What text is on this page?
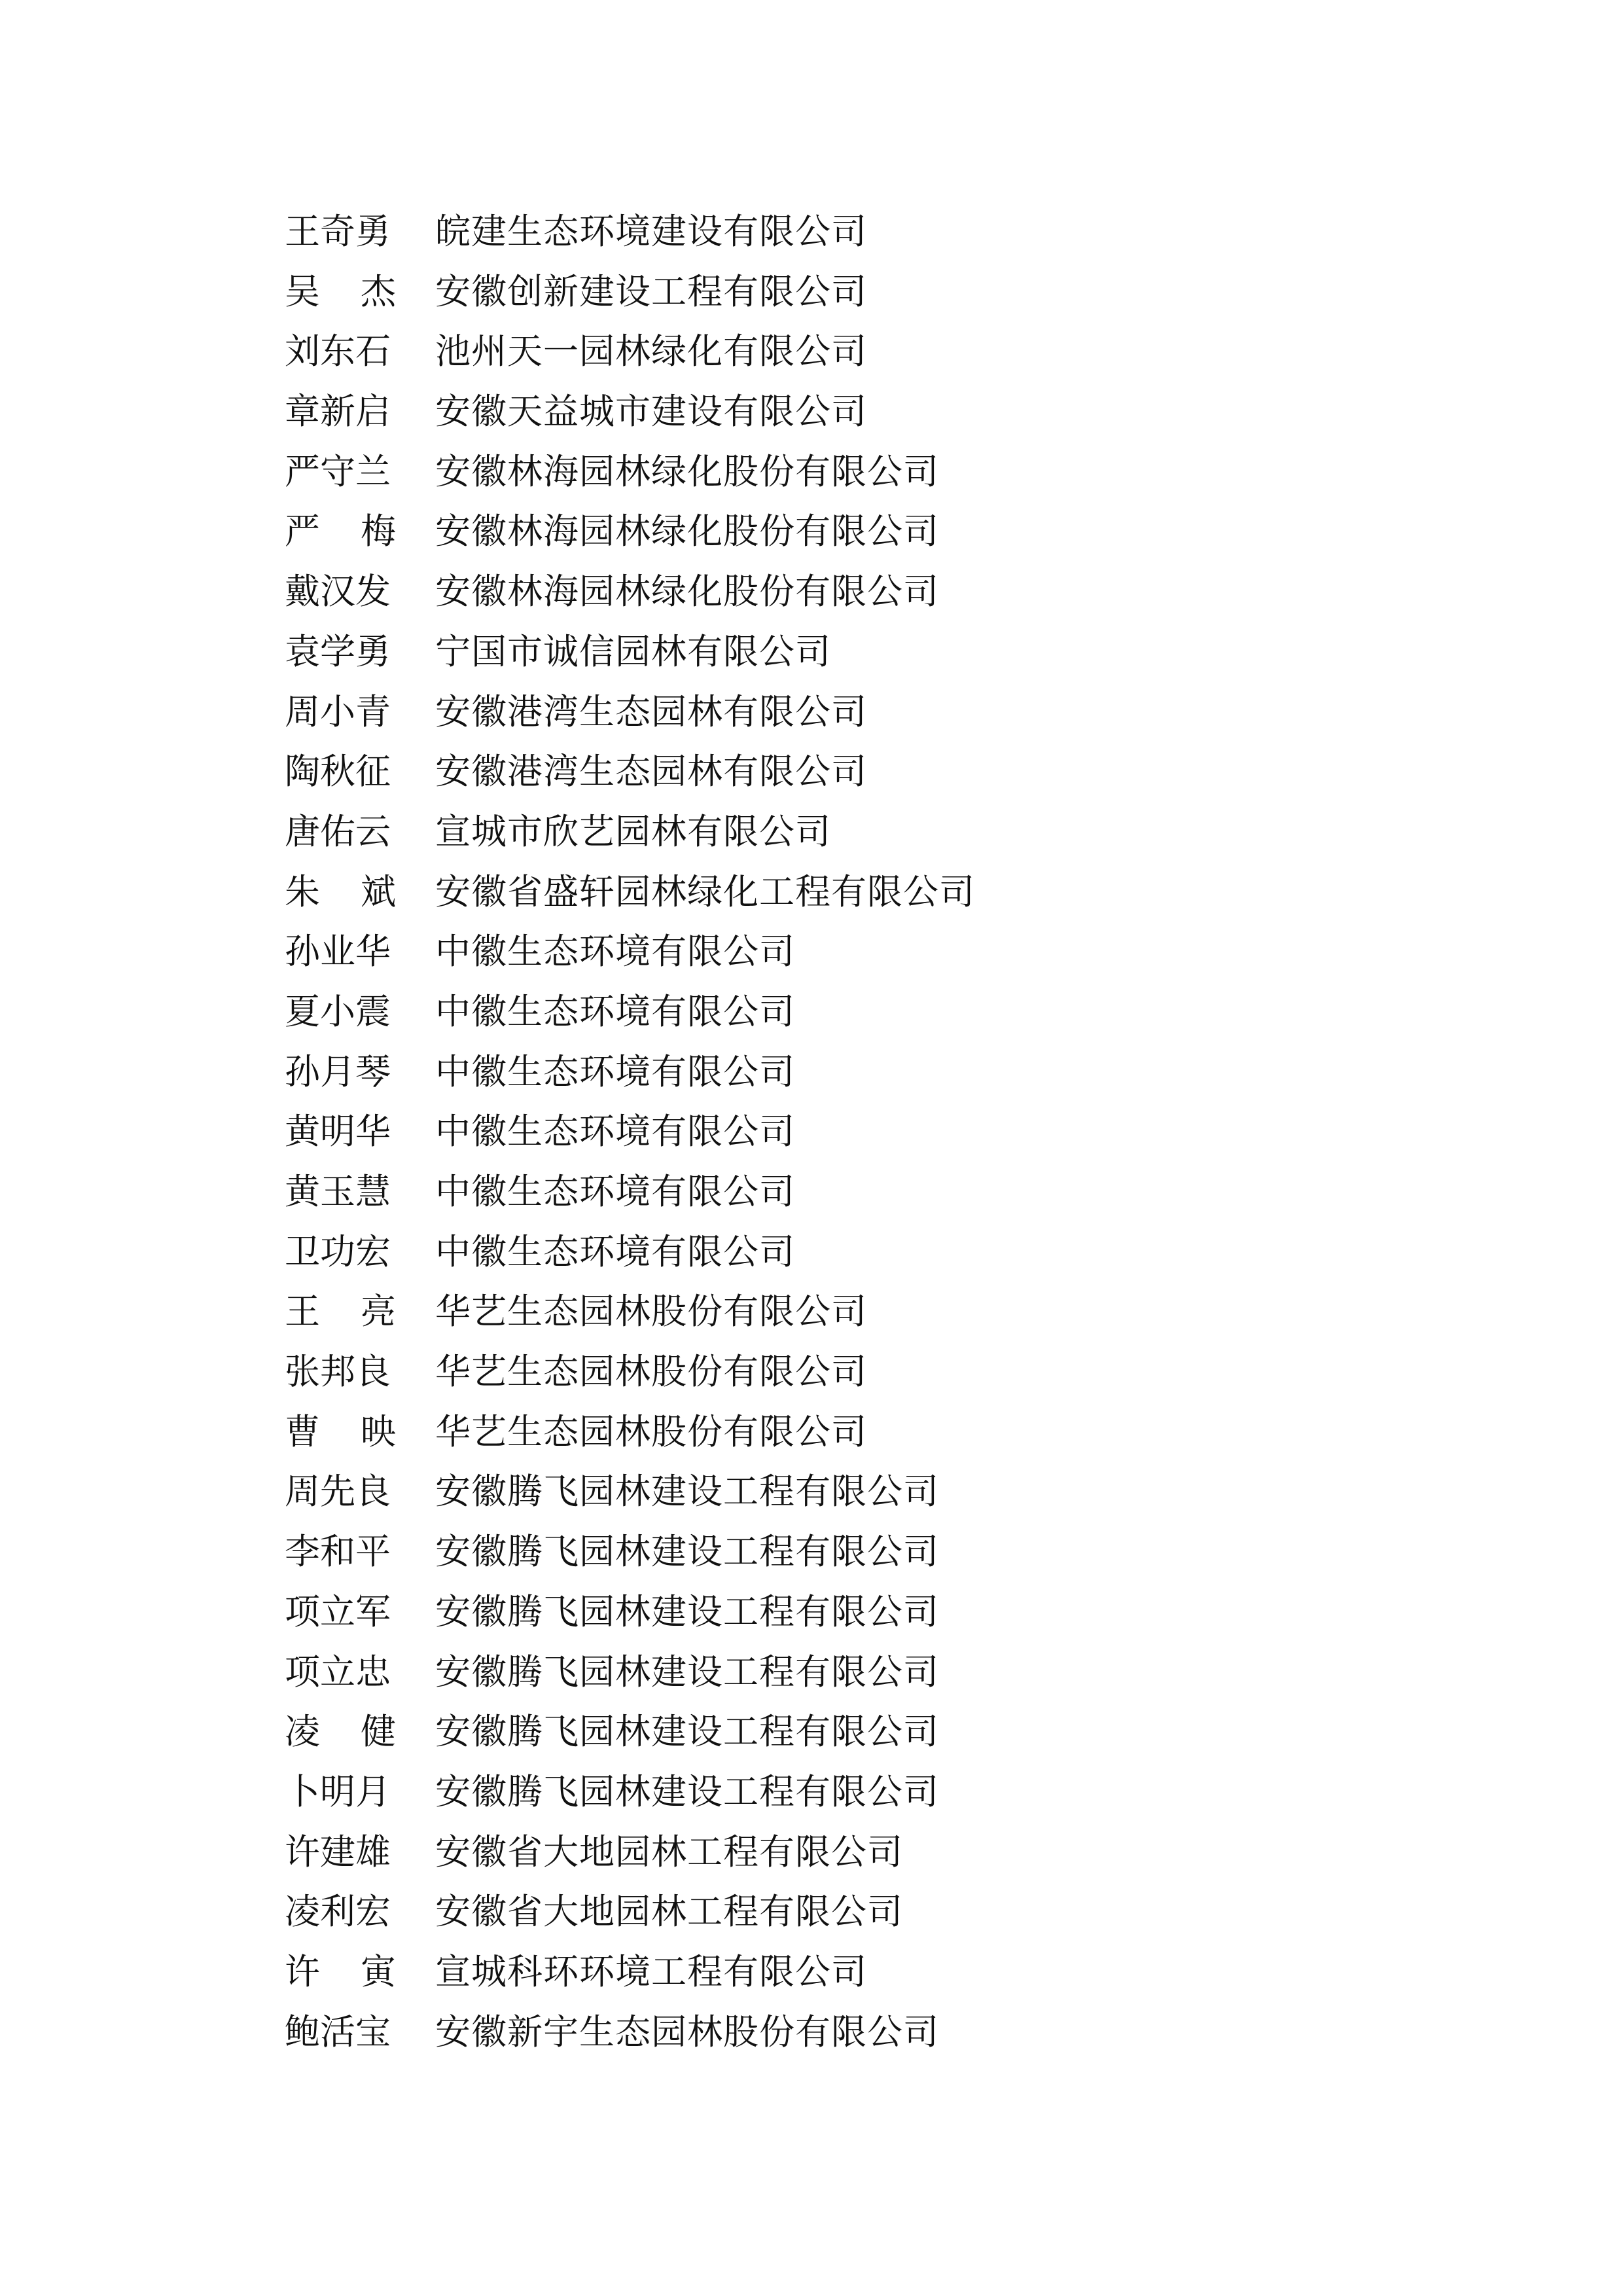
王奇勇 皖建生态环境建设有限公司
吴 杰 安徽创新建设工程有限公司
刘东石 池州天一园林绿化有限公司
章新启 安徽天益城市建设有限公司
严守兰 安徽林海园林绿化股份有限公司
严 梅 安徽林海园林绿化股份有限公司
戴汉发 安徽林海园林绿化股份有限公司
袁学勇 宁国市诚信园林有限公司
周小青 安徽港湾生态园林有限公司
陶秋征 安徽港湾生态园林有限公司
唐佑云 宣城市欣艺园林有限公司
朱 斌 安徽省盛轩园林绿化工程有限公司
孙业华 中徽生态环境有限公司
夏小震 中徽生态环境有限公司
孙月琴 中徽生态环境有限公司
黄明华 中徽生态环境有限公司
黄玉慧 中徽生态环境有限公司
卫功宏 中徽生态环境有限公司
王 亮 华艺生态园林股份有限公司
张邦良 华艺生态园林股份有限公司
曹 映 华艺生态园林股份有限公司
周先良 安徽腾飞园林建设工程有限公司
李和平 安徽腾飞园林建设工程有限公司
项立军 安徽腾飞园林建设工程有限公司
项立忠 安徽腾飞园林建设工程有限公司
凌 健 安徽腾飞园林建设工程有限公司
卜明月 安徽腾飞园林建设工程有限公司
许建雄 安徽省大地园林工程有限公司
凌利宏 安徽省大地园林工程有限公司
许 寅 宣城科环环境工程有限公司
鲍活宝 安徽新宇生态园林股份有限公司
